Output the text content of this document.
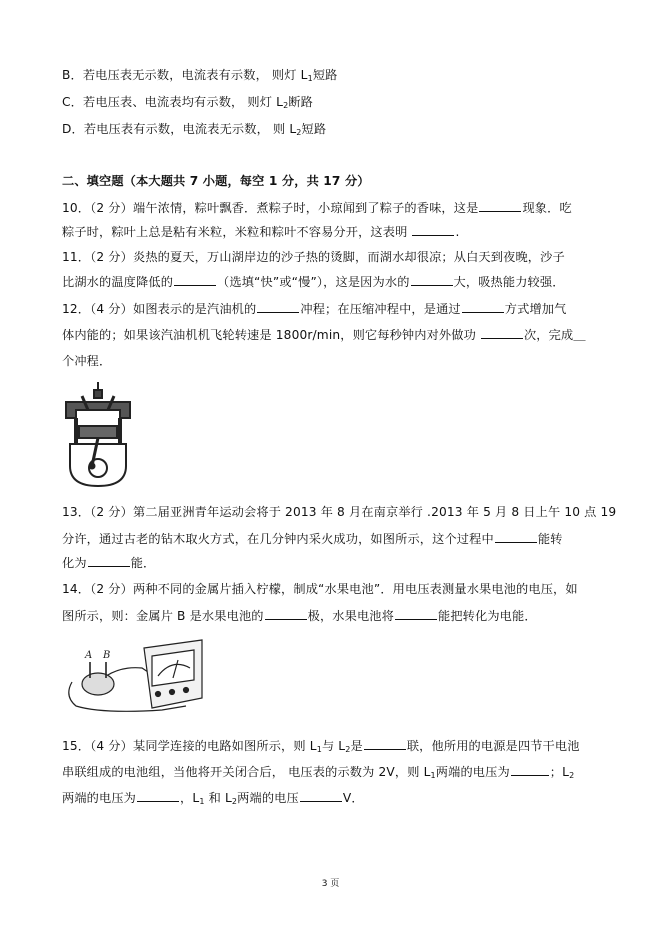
B．若电压表无示数，电流表有示数， 则灯 $L_1$短路
C．若电压表、电流表均有示数， 则灯 $L_2$断路
D．若电压表有示数，电流表无示数， 则 $L_2$短路
二、填空题（本大题共 7 小题，每空 1 分，共 17 分）
10．（2 分）端午浓情，粽叶飘香．煮粽子时，小琼闻到了粽子的香味，这是	现象．吃
粽子时，粽叶上总是粘有米粒，米粒和粽叶不容易分开，这表明	.
11．（2 分）炎热的夏天，万山湖岸边的沙子热的烫脚，而湖水却很凉；从白天到夜晚，沙子
比湖水的温度降低的	（选填“快”或“慢”），这是因为水的	大，吸热能力较强．
12．（4 分）如图表示的是汽油机的	冲程；在压缩冲程中，是通过	方式增加气
体内能的；如果该汽油机机飞轮转速是 1800r/min，则它每秒钟内对外做功	次，完成＿
个冲程．
13．（2 分）第二届亚洲青年运动会将于 2013 年 8 月在南京举行 .2013 年 5 月 8 日上午 10 点 19
分许，通过古老的钻木取火方式，在几分钟内采火成功，如图所示，这个过程中	能转
化为	能．
14．（2 分）两种不同的金属片插入柠檬，制成“水果电池”．用电压表测量水果电池的电压，如
图所示，则：金属片 B 是水果电池的	极，水果电池将	能把转化为电能．
A B
15．（4 分）某同学连接的电路如图所示，则 $L_1$与 $L_2$是	联，他所用的电源是四节干电池
串联组成的电池组，当他将开关闭合后， 电压表的示数为 2V，则 $L_1$两端的电压为	；$L_2$
两端的电压为	，$L_1$ 和 $L_2$两端的电压	V．
3 页
